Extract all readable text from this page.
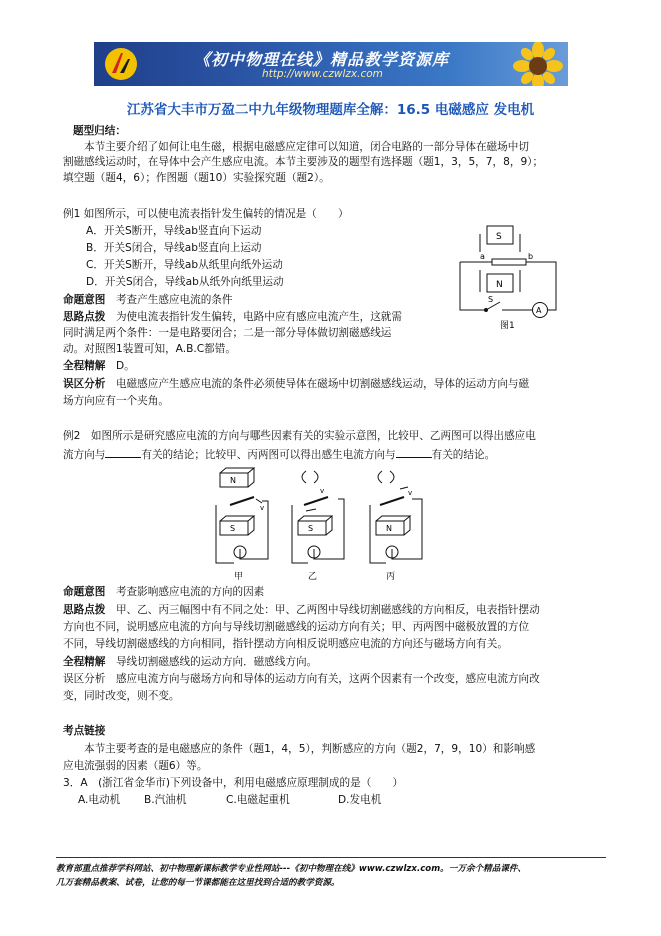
《初中物理在线》精品教学资源库
http://www.czwlzx.com
江苏省大丰市万盈二中九年级物理题库全解：16.5 电磁感应 发电机
题型归结：
本节主要介绍了如何让电生磁，根据电磁感应定律可以知道，闭合电路的一部分导体在磁场中切
割磁感线运动时，在导体中会产生感应电流。本节主要涉及的题型有选择题（题1，3，5，7，8，9）；
填空题（题4，6）；作图题（题10）实验探究题（题2）。
例1 如图所示，可以使电流表指针发生偏转的情况是（　　）
A．开关S断开，导线ab竖直向下运动
B．开关S闭合，导线ab竖直向上运动
C．开关S断开，导线ab从纸里向纸外运动
D．开关S闭合，导线ab从纸外向纸里运动
S
N
a	b
S
A
图1
命题意图　 考查产生感应电流的条件
思路点拨　 为使电流表指针发生偏转，电路中应有感应电流产生，这就需
同时满足两个条件：一是电路要闭合；二是一部分导体做切割磁感线运
动。对照图1装置可知，A.B.C都错。
全程精解　 D。
误区分析　 电磁感应产生感应电流的条件必须使导体在磁场中切割磁感线运动，导体的运动方向与磁
场方向应有一个夹角。
例2　如图所示是研究感应电流的方向与哪些因素有关的实验示意图，比较甲、乙两图可以得出感应电
流方向与	有关的结论；比较甲、丙两图可以得出感生电流方向与	有关的结论。
N
S
v
S
v
N
v
甲	乙	丙
命题意图　 考查影响感应电流的方向的因素
思路点拨　 甲、乙、丙三幅图中有不同之处：甲、乙两图中导线切割磁感线的方向相反，电表指针摆动
方向也不同，说明感应电流的方向与导线切割磁感线的运动方向有关；甲、丙两图中磁极放置的方位
不同，导线切割磁感线的方向相同，指针摆动方向相反说明感应电流的方向还与磁场方向有关。
全程精解　 导线切割磁感线的运动方向．磁感线方向。
误区分析　 感应电流方向与磁场方向和导体的运动方向有关，这两个因素有一个改变，感应电流方向改
变，同时改变，则不变。
考点链接
本节主要考查的是电磁感应的条件（题1，4，5），判断感应的方向（题2，7，9，10）和影响感
应电流强弱的因素（题6）等。
3．A　(浙江省金华市)下列设备中，利用电磁感应原理制成的是（　　）
A.电动机 B.汽油机	C.电磁起重机	D.发电机
教育部重点推荐学科网站、初中物理新课标教学专业性网站---《初中物理在线》www.czwlzx.com。一万余个精品课件、
几万套精品教案、试卷，让您的每一节课都能在这里找到合适的教学资源。
